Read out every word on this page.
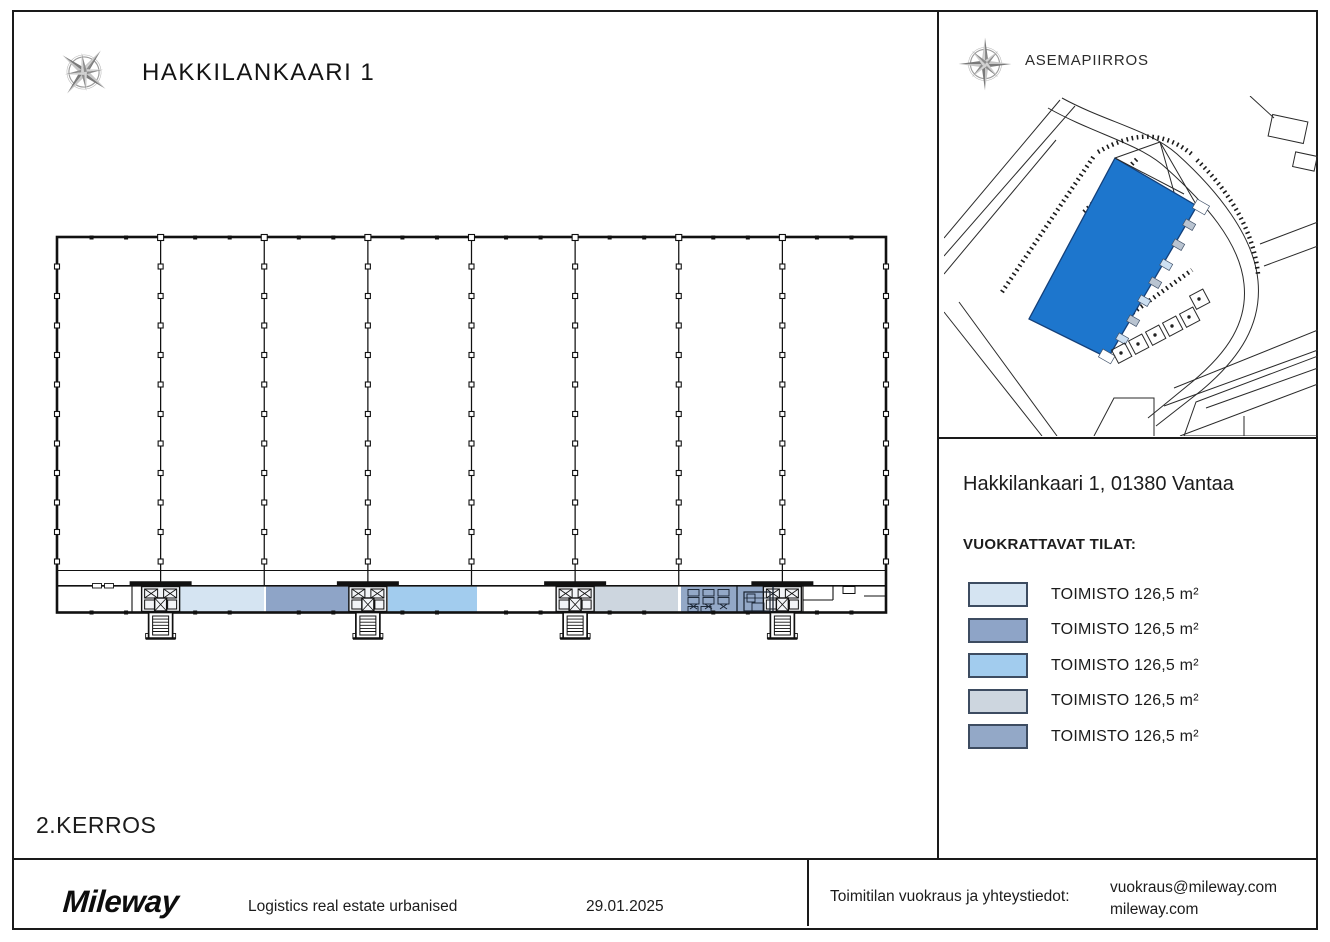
HAKKILANKAARI 1
2.KERROS
ASEMAPIIRROS
Hakkilankaari 1, 01380 Vantaa
VUOKRATTAVAT TILAT:
TOIMISTO 126,5 m²
TOIMISTO 126,5 m²
TOIMISTO 126,5 m²
TOIMISTO 126,5 m²
TOIMISTO 126,5 m²
Mileway	Logistics real estate urbanised	29.01.2025
Toimitilan vuokraus ja yhteystiedot:
vuokraus@mileway.com
mileway.com
